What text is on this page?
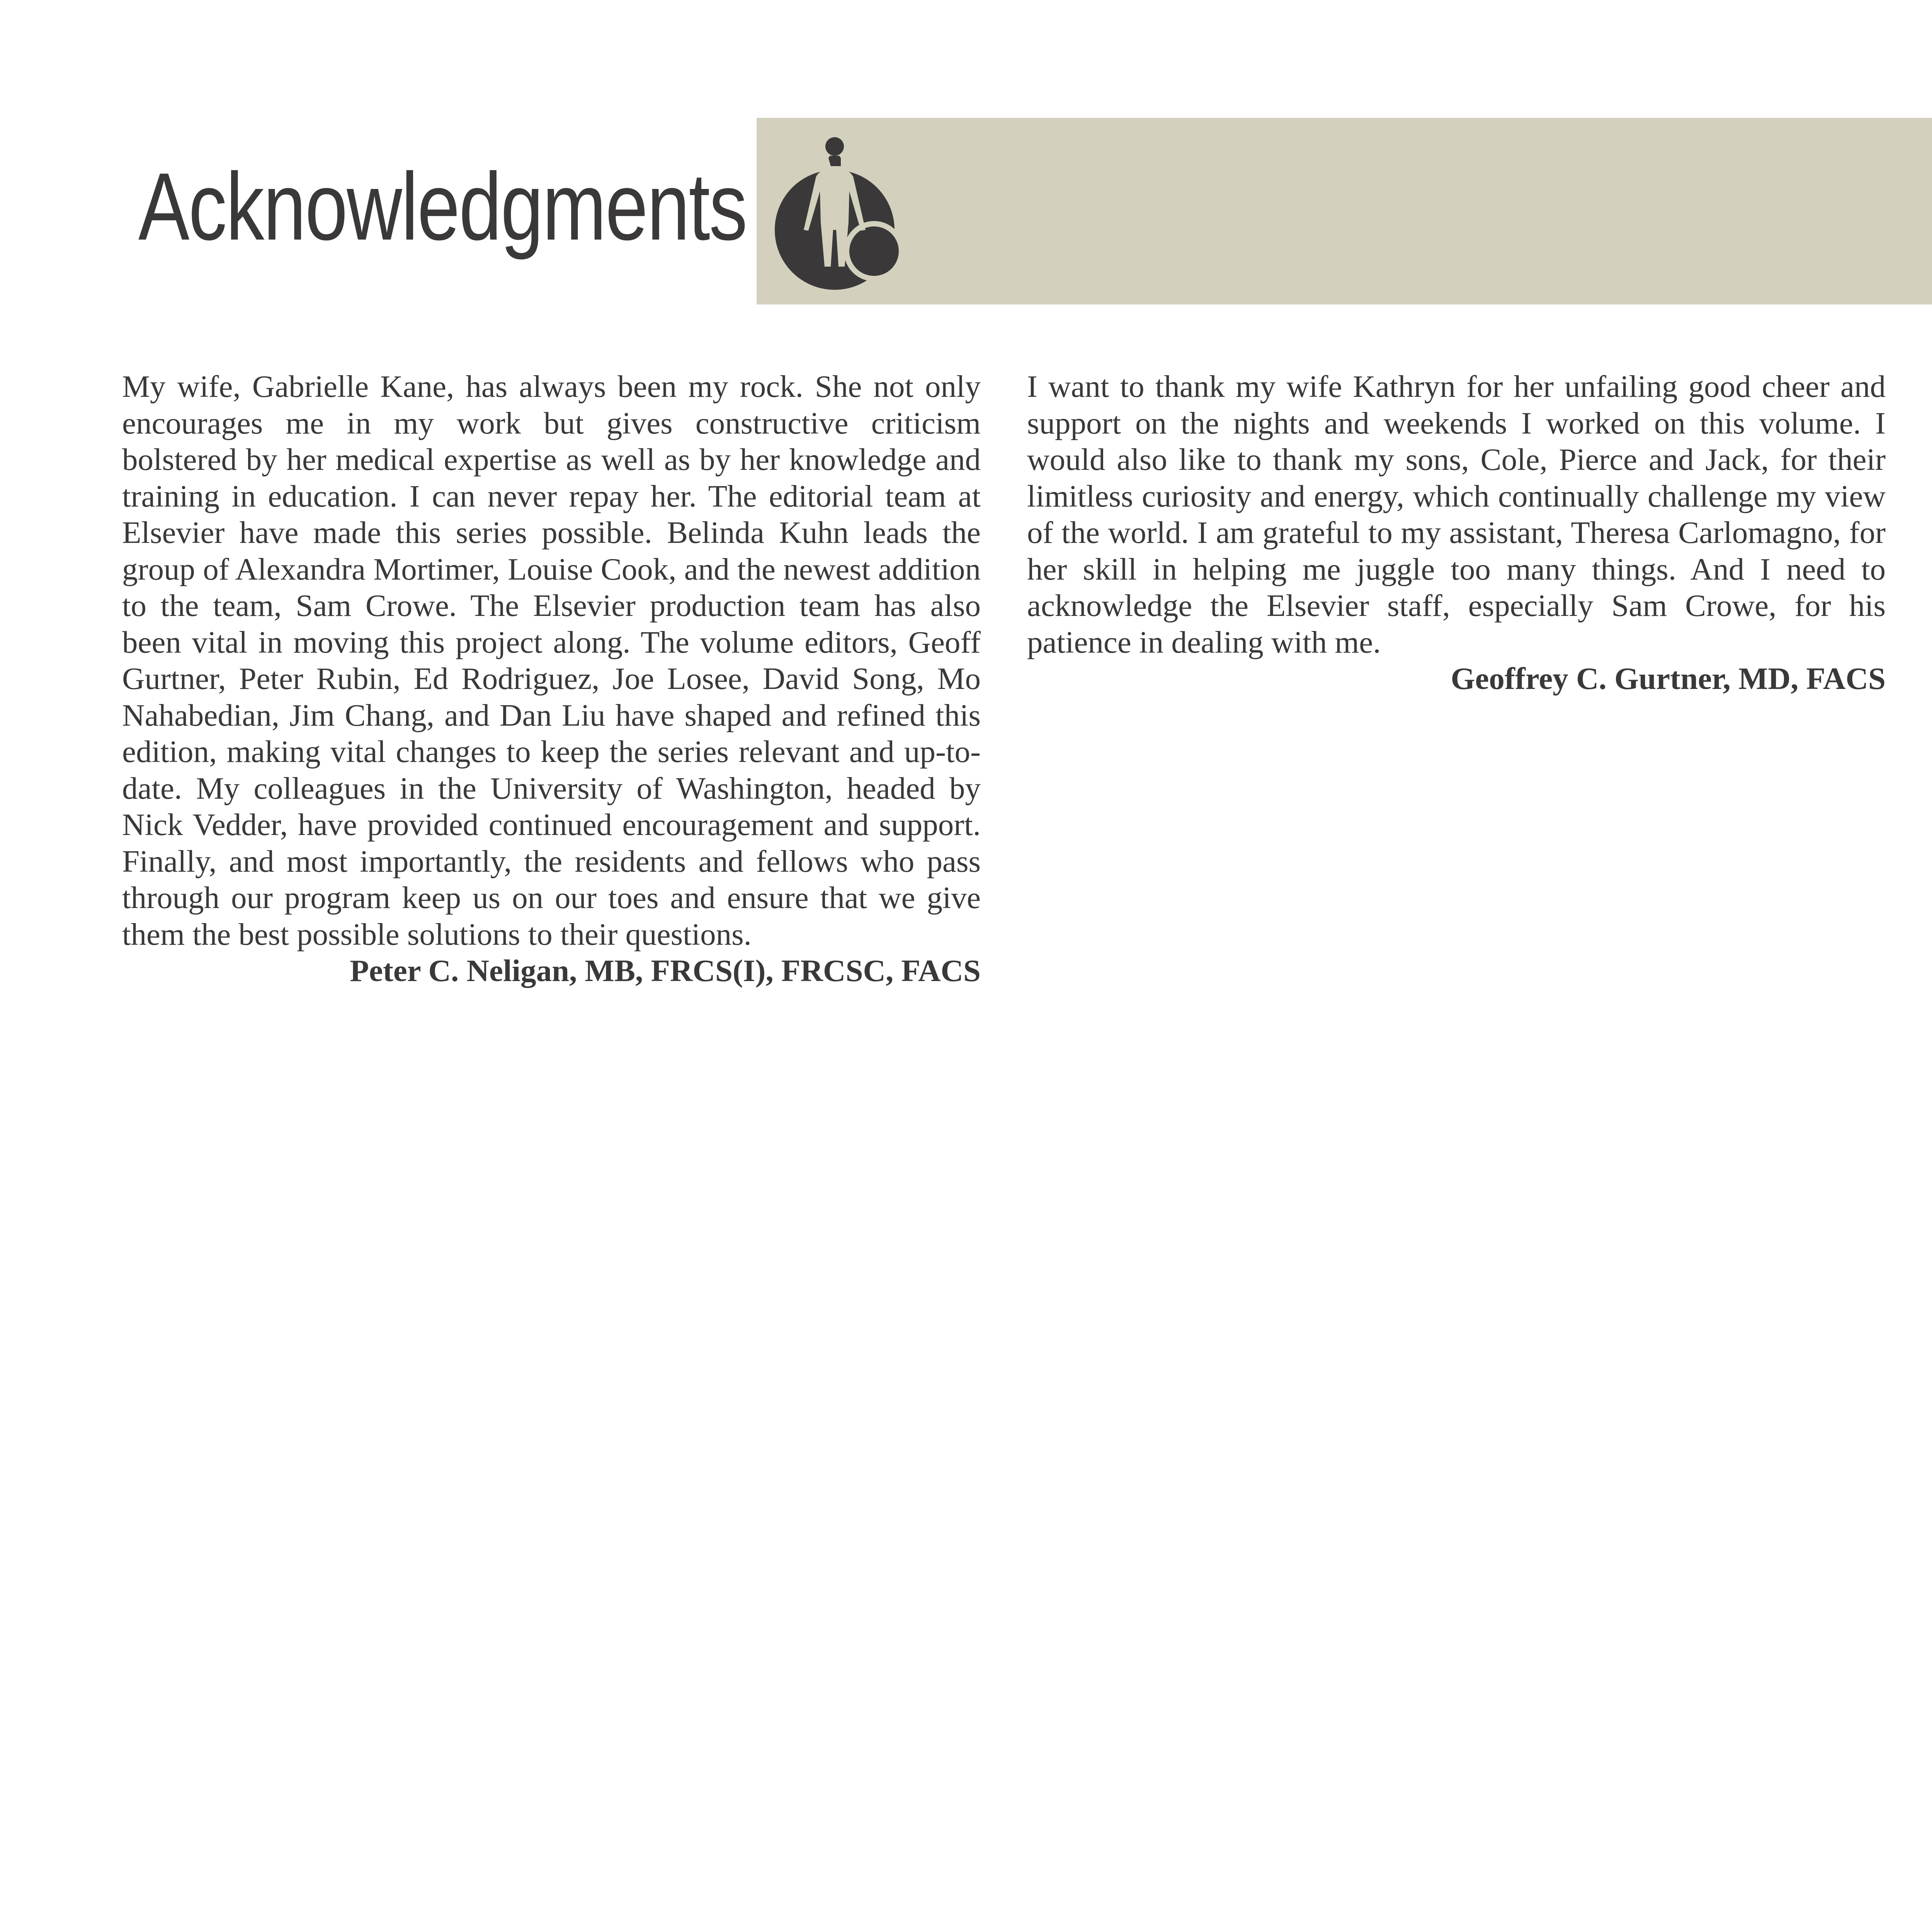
Acknowledgments

My wife, Gabrielle Kane, has always been my rock. She not only encourages me in my work but gives constructive criticism bolstered by her medical expertise as well as by her knowledge and training in education. I can never repay her. The editorial team at Elsevier have made this series possible. Belinda Kuhn leads the group of Alexandra Mortimer, Louise Cook, and the newest addition to the team, Sam Crowe. The Elsevier production team has also been vital in moving this project along. The volume editors, Geoff Gurtner, Peter Rubin, Ed Rodriguez, Joe Losee, David Song, Mo Nahabedian, Jim Chang, and Dan Liu have shaped and refined this edition, making vital changes to keep the series relevant and up-to-date. My colleagues in the University of Washington, headed by Nick Vedder, have provided continued encouragement and support. Finally, and most importantly, the residents and fellows who pass through our program keep us on our toes and ensure that we give them the best possible solutions to their questions.

Peter C. Neligan, MB, FRCS(I), FRCSC, FACS

I want to thank my wife Kathryn for her unfailing good cheer and support on the nights and weekends I worked on this volume. I would also like to thank my sons, Cole, Pierce and Jack, for their limitless curiosity and energy, which continually challenge my view of the world. I am grateful to my assistant, Theresa Carlomagno, for her skill in helping me juggle too many things. And I need to acknowledge the Elsevier staff, especially Sam Crowe, for his patience in dealing with me.

Geoffrey C. Gurtner, MD, FACS
